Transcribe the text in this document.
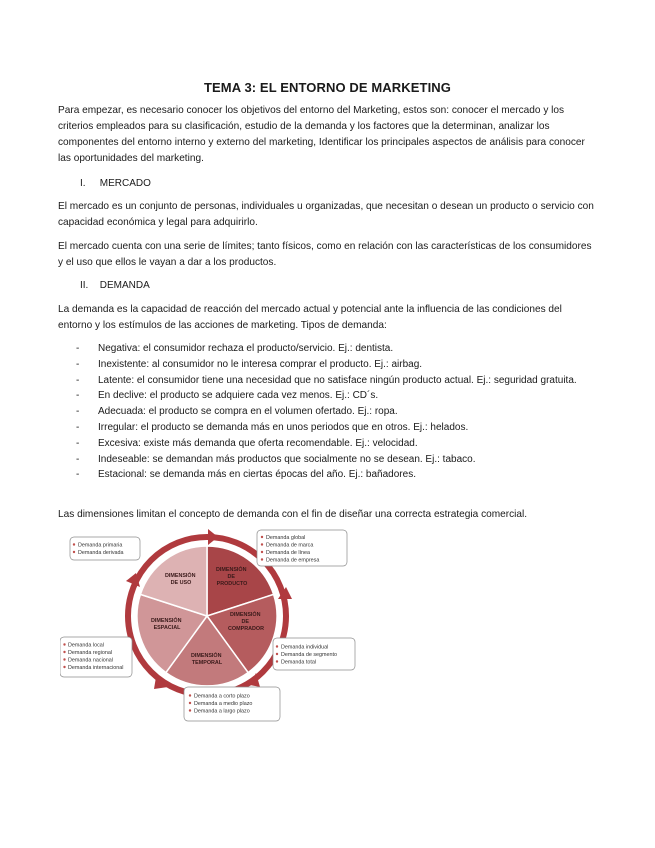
TEMA 3: EL ENTORNO DE MARKETING

Para empezar, es necesario conocer los objetivos del entorno del Marketing, estos son: conocer el mercado y los criterios empleados para su clasificación, estudio de la demanda y los factores que la determinan, analizar los componentes del entorno interno y externo del marketing, Identificar los principales aspectos de análisis para conocer las oportunidades del marketing.

I. MERCADO

El mercado es un conjunto de personas, individuales u organizadas, que necesitan o desean un producto o servicio con capacidad económica y legal para adquirirlo.

El mercado cuenta con una serie de límites; tanto físicos, como en relación con las características de los consumidores y el uso que ellos le vayan a dar a los productos.

II. DEMANDA

La demanda es la capacidad de reacción del mercado actual y potencial ante la influencia de las condiciones del entorno y los estímulos de las acciones de marketing. Tipos de demanda:

- Negativa: el consumidor rechaza el producto/servicio. Ej.: dentista.
- Inexistente: al consumidor no le interesa comprar el producto. Ej.: airbag.
- Latente: el consumidor tiene una necesidad que no satisface ningún producto actual. Ej.: seguridad gratuita.
- En declive: el producto se adquiere cada vez menos. Ej.: CD´s.
- Adecuada: el producto se compra en el volumen ofertado. Ej.: ropa.
- Irregular: el producto se demanda más en unos periodos que en otros. Ej.: helados.
- Excesiva: existe más demanda que oferta recomendable. Ej.: velocidad.
- Indeseable: se demandan más productos que socialmente no se desean. Ej.: tabaco.
- Estacional: se demanda más en ciertas épocas del año. Ej.: bañadores.

Las dimensiones limitan el concepto de demanda con el fin de diseñar una correcta estrategia comercial.

DIMENSIÓN DE PRODUCTO
DIMENSIÓN DE COMPRADOR
DIMENSIÓN TEMPORAL
DIMENSIÓN ESPACIAL
DIMENSIÓN DE USO
Demanda primaria
Demanda derivada
Demanda global
Demanda de marca
Demanda de línea
Demanda de empresa
Demanda individual
Demanda de segmento
Demanda total
Demanda a corto plazo
Demanda a medio plazo
Demanda a largo plazo
Demanda local
Demanda regional
Demanda nacional
Demanda internacional
